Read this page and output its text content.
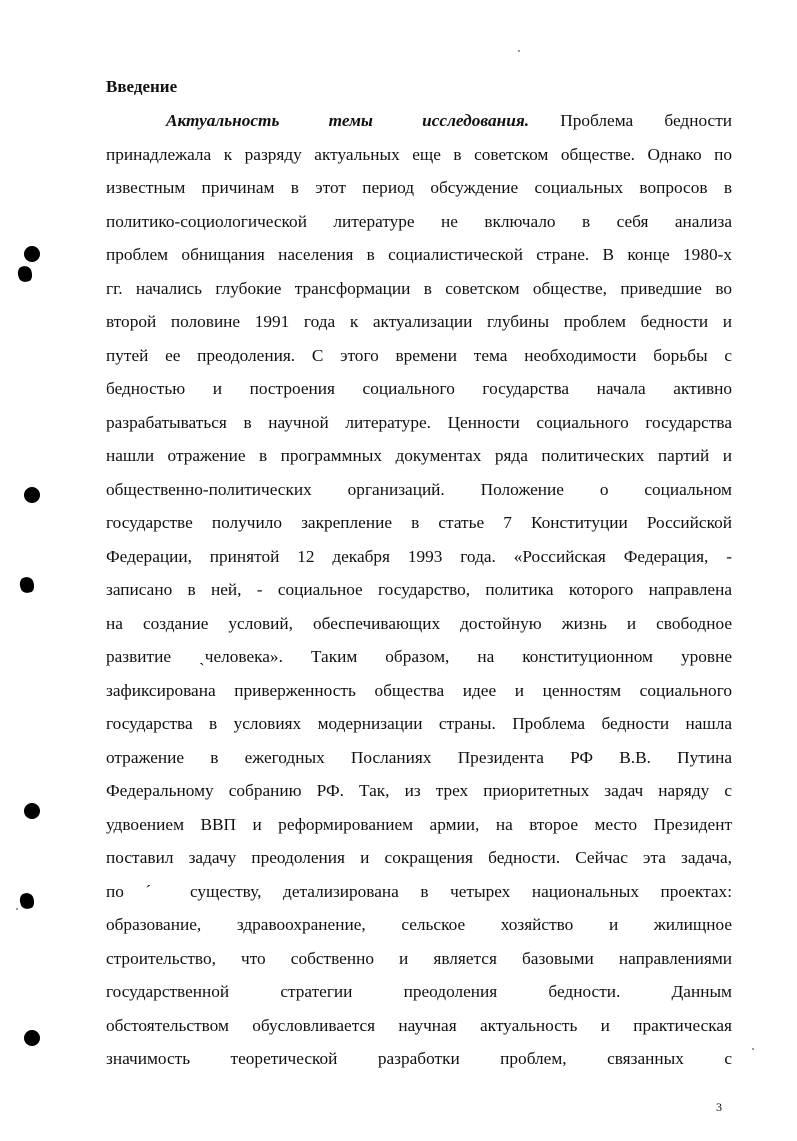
Введение
Актуальность темы исследования. Проблема бедности
принадлежала к разряду актуальных еще в советском обществе. Однако по
известным причинам в этот период обсуждение социальных вопросов в
политико-социологической литературе не включало в себя анализа
проблем обнищания населения в социалистической стране. В конце 1980-х
гг. начались глубокие трансформации в советском обществе, приведшие во
второй половине 1991 года к актуализации глубины проблем бедности и
путей ее преодоления. С этого времени тема необходимости борьбы с
бедностью и построения социального государства начала активно
разрабатываться в научной литературе. Ценности социального государства
нашли отражение в программных документах ряда политических партий и
общественно-политических организаций. Положение о социальном
государстве получило закрепление в статье 7 Конституции Российской
Федерации, принятой 12 декабря 1993 года. «Российская Федерация, -
записано в ней, - социальное государство, политика которого направлена
на создание условий, обеспечивающих достойную жизнь и свободное
развитие ˏчеловека». Таким образом, на конституционном уровне
зафиксирована приверженность общества идее и ценностям социального
государства в условиях модернизации страны. Проблема бедности нашла
отражение в ежегодных Посланиях Президента РФ В.В. Путина
Федеральному собранию РФ. Так, из трех приоритетных задач наряду с
удвоением ВВП и реформированием армии, на второе место Президент
поставил задачу преодоления и сокращения бедности. Сейчас эта задача,
по ˊ существу, детализирована в четырех национальных проектах:
образование, здравоохранение, сельское хозяйство и жилищное
строительство, что собственно и является базовыми направлениями
государственной стратегии преодоления бедности. Данным
обстоятельством обусловливается научная актуальность и практическая
значимость теоретической разработки проблем, связанных с
3
